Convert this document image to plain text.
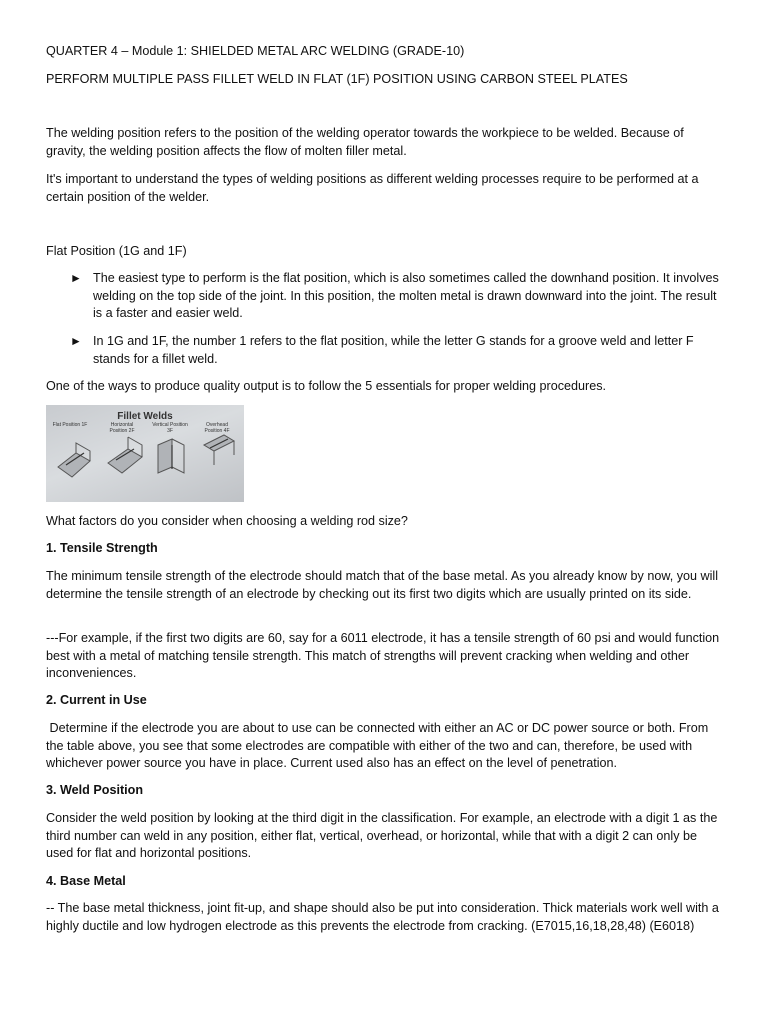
QUARTER 4 – Module 1: SHIELDED METAL ARC WELDING (GRADE-10)

PERFORM MULTIPLE PASS FILLET WELD IN FLAT (1F) POSITION USING CARBON STEEL PLATES

The welding position refers to the position of the welding operator towards the workpiece to be welded. Because of gravity, the welding position affects the flow of molten filler metal.

It's important to understand the types of welding positions as different welding processes require to be performed at a certain position of the welder.

Flat Position (1G and 1F)

► The easiest type to perform is the flat position, which is also sometimes called the downhand position. It involves welding on the top side of the joint. In this position, the molten metal is drawn downward into the joint. The result is a faster and easier weld.
► In 1G and 1F, the number 1 refers to the flat position, while the letter G stands for a groove weld and letter F stands for a fillet weld.

One of the ways to produce quality output is to follow the 5 essentials for proper welding procedures.

Fillet Welds
Flat Position 1F	Horizontal Position 2F
Vertical Position 3F
Overhead Position 4F

What factors do you consider when choosing a welding rod size?

1. Tensile Strength

The minimum tensile strength of the electrode should match that of the base metal. As you already know by now, you will determine the tensile strength of an electrode by checking out its first two digits which are usually printed on its side.

---For example, if the first two digits are 60, say for a 6011 electrode, it has a tensile strength of 60 psi and would function best with a metal of matching tensile strength. This match of strengths will prevent cracking when welding and other inconveniences.

2. Current in Use

Determine if the electrode you are about to use can be connected with either an AC or DC power source or both. From the table above, you see that some electrodes are compatible with either of the two and can, therefore, be used with whichever power source you have in place. Current used also has an effect on the level of penetration.

3. Weld Position

Consider the weld position by looking at the third digit in the classification. For example, an electrode with a digit 1 as the third number can weld in any position, either flat, vertical, overhead, or horizontal, while that with a digit 2 can only be used for flat and horizontal positions.

4. Base Metal

-- The base metal thickness, joint fit-up, and shape should also be put into consideration. Thick materials work well with a highly ductile and low hydrogen electrode as this prevents the electrode from cracking. (E7015,16,18,28,48) (E6018)
